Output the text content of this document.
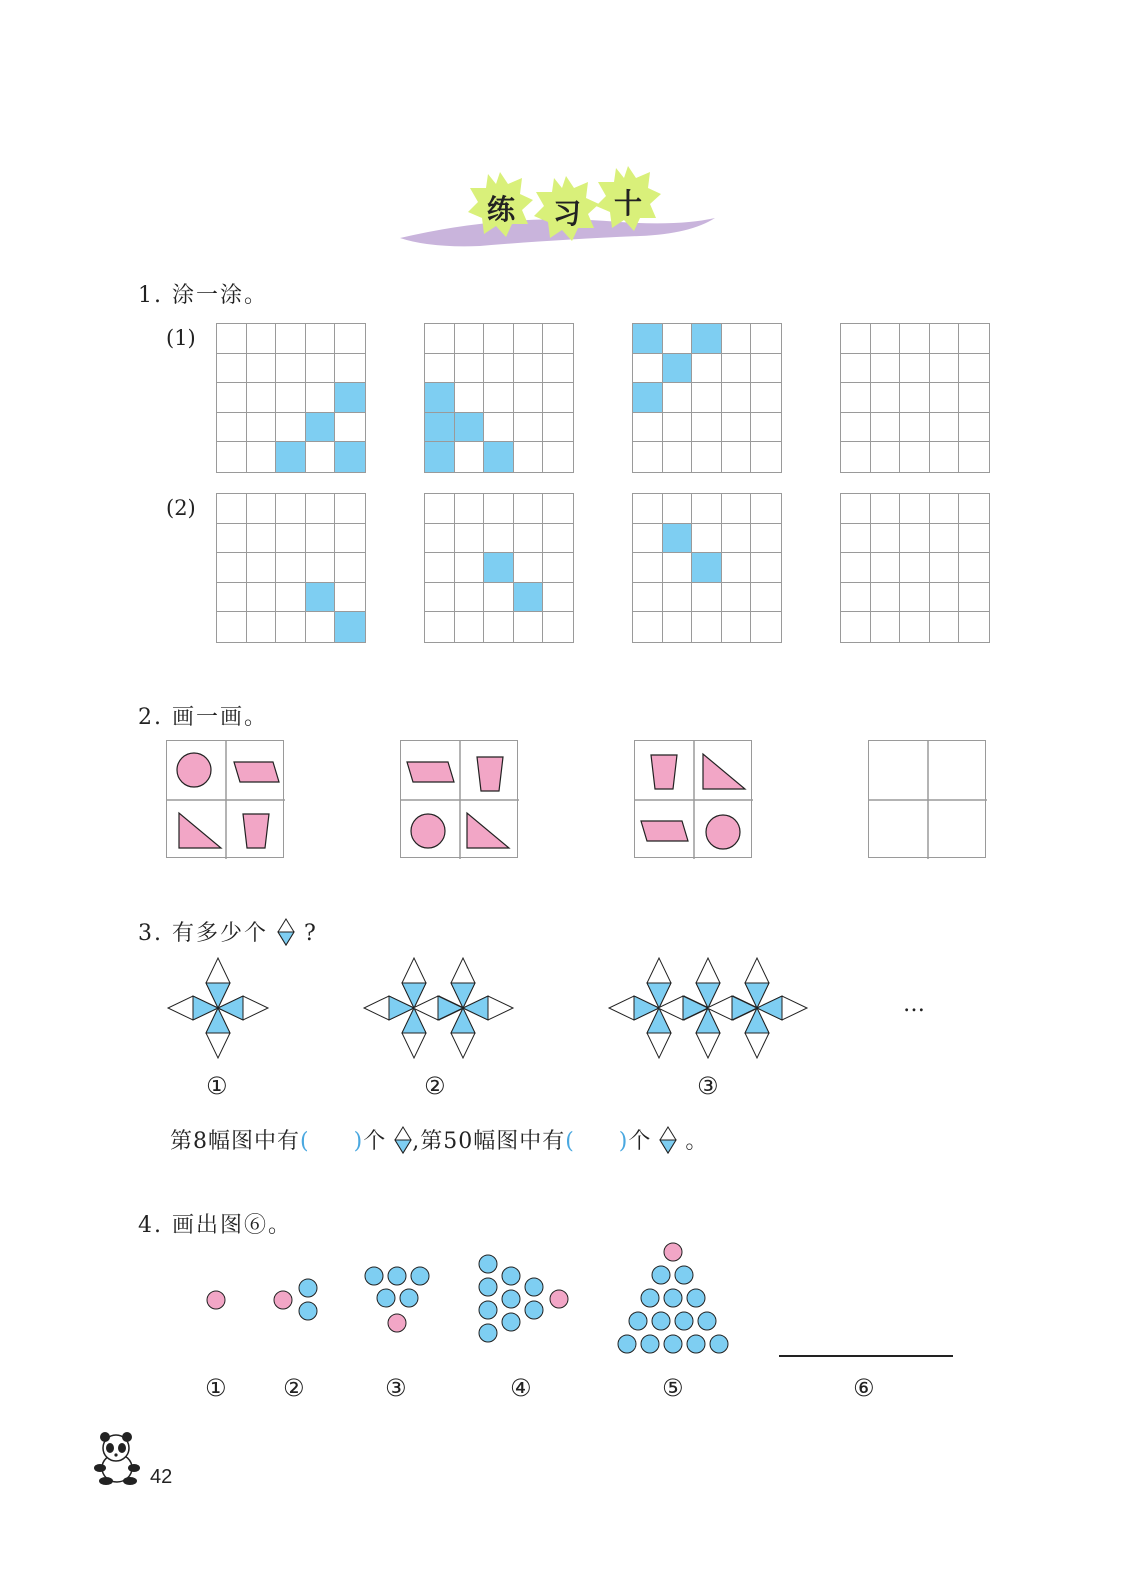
练 习 十
1. 涂一涂。
(1)
(2)
2. 画一画。
3. 有多少个 ?
…
①	②	③
第8幅图中有( )个 ,第50幅图中有( )个 。
4. 画出图⑥。
① ②	③	④	⑤	⑥
42
